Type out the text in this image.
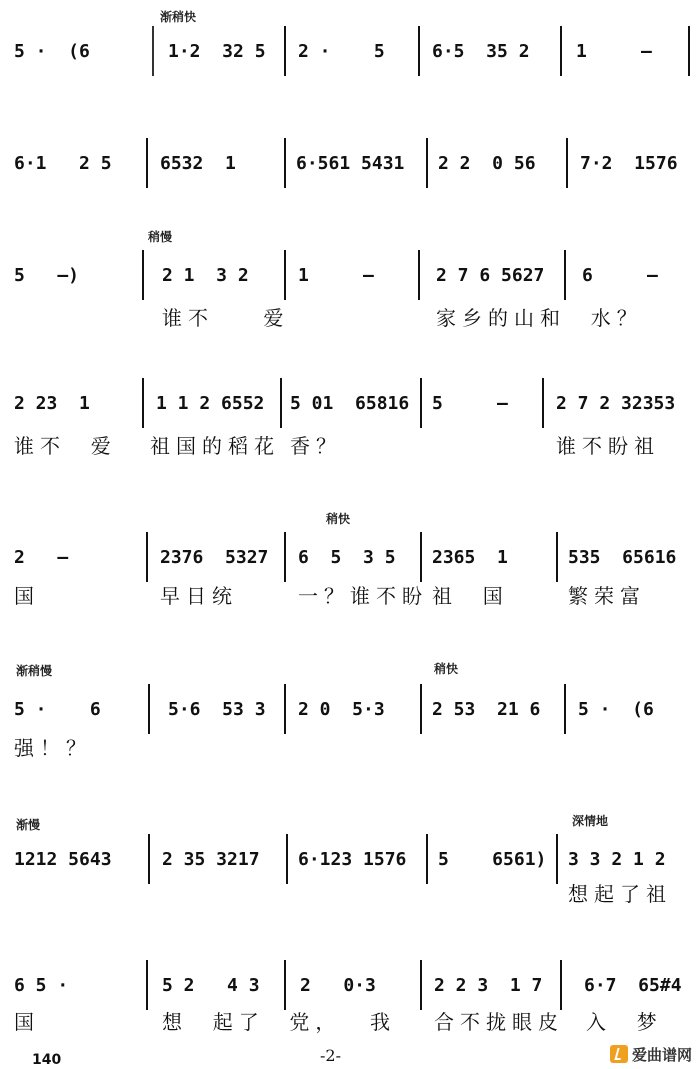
渐稍快
5 ·  (6	1·2  32 5 2 ·    5	6·5  35 2	1     —
6·1   2 5	6532  1	6·561 5431 2 2  0 56 7·2  1576
稍慢
5   —)	2 1  3 2	1     —	2 7 6 5627 6     —
谁不    爱	家乡的山和  水？
2 23  1	1 1 2 6552 5 01  65816 5     —	2 7 2 32353
谁不  爱 祖国的稻花 香？	谁不盼祖
稍快
2   —	2376  5327 6  5  3 5 2365  1	535  65616
国	早日统	一？谁不盼 祖  国	繁荣富
渐稍慢	稍快
5 ·    6	5·6  53 3 2 0  5·3	2 53  21 6 5 ·  (6
强！？
渐慢	深情地
1212 5643	2 35 3217 6·123 1576 5    6561) 3 3 2 1 2
想起了祖
6 5 ·	5 2   4 3 2   0·3	2 2 3  1 7 6·7  65#4
国	想  起了  党， 我 合不拢眼皮 入  梦
140	-2-	爱曲谱网
